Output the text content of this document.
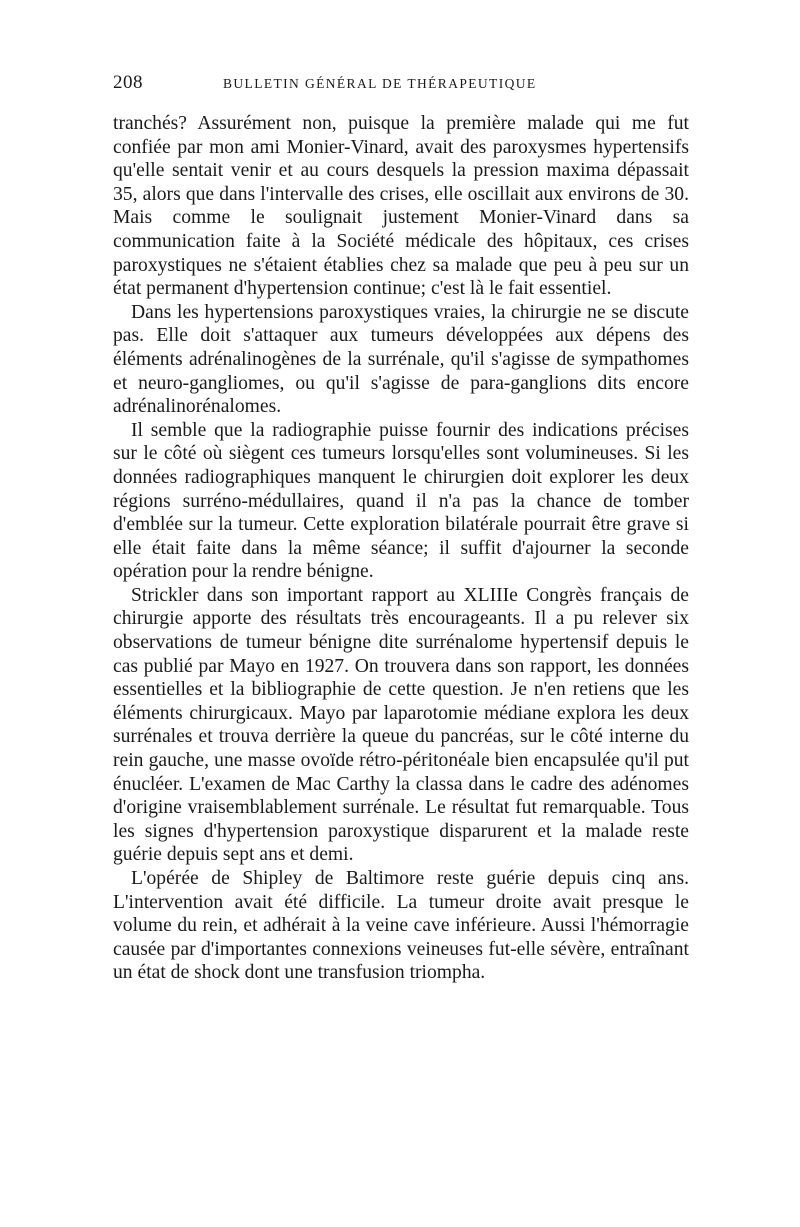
208	BULLETIN GÉNÉRAL DE THÉRAPEUTIQUE

tranchés? Assurément non, puisque la première malade qui me fut confiée par mon ami Monier-Vinard, avait des paroxysmes hypertensifs qu'elle sentait venir et au cours desquels la pression maxima dépassait 35, alors que dans l'intervalle des crises, elle oscillait aux environs de 30. Mais comme le soulignait justement Monier-Vinard dans sa communication faite à la Société médicale des hôpitaux, ces crises paroxystiques ne s'étaient établies chez sa malade que peu à peu sur un état permanent d'hypertension continue; c'est là le fait essentiel.

Dans les hypertensions paroxystiques vraies, la chirurgie ne se discute pas. Elle doit s'attaquer aux tumeurs développées aux dépens des éléments adrénalinogènes de la surrénale, qu'il s'agisse de sympathomes et neuro-gangliomes, ou qu'il s'agisse de para-ganglions dits encore adrénalinorénalomes.

Il semble que la radiographie puisse fournir des indications précises sur le côté où siègent ces tumeurs lorsqu'elles sont volumineuses. Si les données radiographiques manquent le chirurgien doit explorer les deux régions surréno-médullaires, quand il n'a pas la chance de tomber d'emblée sur la tumeur. Cette exploration bilatérale pourrait être grave si elle était faite dans la même séance; il suffit d'ajourner la seconde opération pour la rendre bénigne.

Strickler dans son important rapport au XLIIIe Congrès français de chirurgie apporte des résultats très encourageants. Il a pu relever six observations de tumeur bénigne dite surrénalome hypertensif depuis le cas publié par Mayo en 1927. On trouvera dans son rapport, les données essentielles et la bibliographie de cette question. Je n'en retiens que les éléments chirurgicaux. Mayo par laparotomie médiane explora les deux surrénales et trouva derrière la queue du pancréas, sur le côté interne du rein gauche, une masse ovoïde rétro-péritonéale bien encapsulée qu'il put énucléer. L'examen de Mac Carthy la classa dans le cadre des adénomes d'origine vraisemblablement surrénale. Le résultat fut remarquable. Tous les signes d'hypertension paroxystique disparurent et la malade reste guérie depuis sept ans et demi.

L'opérée de Shipley de Baltimore reste guérie depuis cinq ans. L'intervention avait été difficile. La tumeur droite avait presque le volume du rein, et adhérait à la veine cave inférieure. Aussi l'hémorragie causée par d'importantes connexions veineuses fut-elle sévère, entraînant un état de shock dont une transfusion triompha.
